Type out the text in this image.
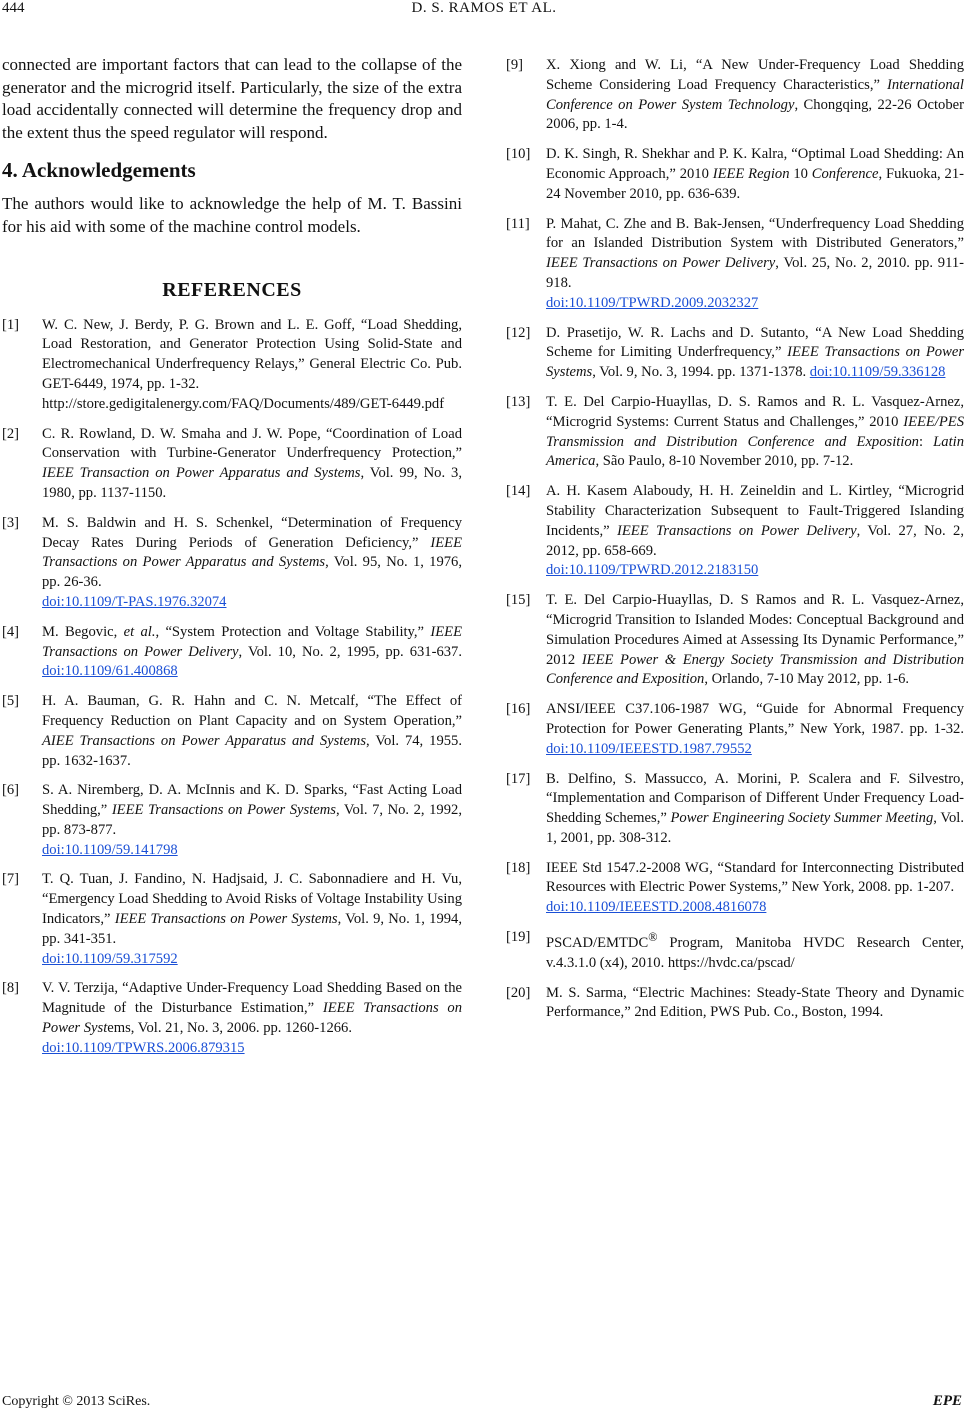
444	D. S. RAMOS ET AL.

connected are important factors that can lead to the collapse of the generator and the microgrid itself. Particularly, the size of the extra load accidentally connected will determine the frequency drop and the extent thus the speed regulator will respond.

4. Acknowledgements

The authors would like to acknowledge the help of M. T. Bassini for his aid with some of the machine control models.

REFERENCES
[1]	W. C. New, J. Berdy, P. G. Brown and L. E. Goff, “Load Shedding, Load Restoration, and Generator Protection Using Solid-State and Electromechanical Underfrequency Relays,” General Electric Co. Pub. GET-6449, 1974, pp. 1-32.
http://store.gedigitalenergy.com/FAQ/Documents/489/GET-6449.pdf
[2]	C. R. Rowland, D. W. Smaha and J. W. Pope, “Coordination of Load Conservation with Turbine-Generator Underfrequency Protection,” IEEE Transaction on Power Apparatus and Systems, Vol. 99, No. 3, 1980, pp. 1137-1150.
[3]	M. S. Baldwin and H. S. Schenkel, “Determination of Frequency Decay Rates During Periods of Generation Deficiency,” IEEE Transactions on Power Apparatus and Systems, Vol. 95, No. 1, 1976, pp. 26-36.
doi:10.1109/T-PAS.1976.32074
[4]	M. Begovic, et al., “System Protection and Voltage Stability,” IEEE Transactions on Power Delivery, Vol. 10, No. 2, 1995, pp. 631-637. doi:10.1109/61.400868
[5]	H. A. Bauman, G. R. Hahn and C. N. Metcalf, “The Effect of Frequency Reduction on Plant Capacity and on System Operation,” AIEE Transactions on Power Apparatus and Systems, Vol. 74, 1955. pp. 1632-1637.
[6]	S. A. Niremberg, D. A. McInnis and K. D. Sparks, “Fast Acting Load Shedding,” IEEE Transactions on Power Systems, Vol. 7, No. 2, 1992, pp. 873-877.
doi:10.1109/59.141798
[7]	T. Q. Tuan, J. Fandino, N. Hadjsaid, J. C. Sabonnadiere and H. Vu, “Emergency Load Shedding to Avoid Risks of Voltage Instability Using Indicators,” IEEE Transactions on Power Systems, Vol. 9, No. 1, 1994, pp. 341-351.
doi:10.1109/59.317592
[8]	V. V. Terzija, “Adaptive Under-Frequency Load Shedding Based on the Magnitude of the Disturbance Estimation,” IEEE Transactions on Power Systems, Vol. 21, No. 3, 2006. pp. 1260-1266.
doi:10.1109/TPWRS.2006.879315
[9]	X. Xiong and W. Li, “A New Under-Frequency Load Shedding Scheme Considering Load Frequency Characteristics,” International Conference on Power System Technology, Chongqing, 22-26 October 2006, pp. 1-4.
[10]	D. K. Singh, R. Shekhar and P. K. Kalra, “Optimal Load Shedding: An Economic Approach,” 2010 IEEE Region 10 Conference, Fukuoka, 21-24 November 2010, pp. 636-639.
[11]	P. Mahat, C. Zhe and B. Bak-Jensen, “Underfrequency Load Shedding for an Islanded Distribution System with Distributed Generators,” IEEE Transactions on Power Delivery, Vol. 25, No. 2, 2010. pp. 911-918.
doi:10.1109/TPWRD.2009.2032327
[12]	D. Prasetijo, W. R. Lachs and D. Sutanto, “A New Load Shedding Scheme for Limiting Underfrequency,” IEEE Transactions on Power Systems, Vol. 9, No. 3, 1994. pp. 1371-1378. doi:10.1109/59.336128
[13]	T. E. Del Carpio-Huayllas, D. S. Ramos and R. L. Vasquez-Arnez, “Microgrid Systems: Current Status and Challenges,” 2010 IEEE/PES Transmission and Distribution Conference and Exposition: Latin America, São Paulo, 8-10 November 2010, pp. 7-12.
[14]	A. H. Kasem Alaboudy, H. H. Zeineldin and L. Kirtley, “Microgrid Stability Characterization Subsequent to Fault-Triggered Islanding Incidents,” IEEE Transactions on Power Delivery, Vol. 27, No. 2, 2012, pp. 658-669.
doi:10.1109/TPWRD.2012.2183150
[15]	T. E. Del Carpio-Huayllas, D. S Ramos and R. L. Vasquez-Arnez, “Microgrid Transition to Islanded Modes: Conceptual Background and Simulation Procedures Aimed at Assessing Its Dynamic Performance,” 2012 IEEE Power & Energy Society Transmission and Distribution Conference and Exposition, Orlando, 7-10 May 2012, pp. 1-6.
[16]	ANSI/IEEE C37.106-1987 WG, “Guide for Abnormal Frequency Protection for Power Generating Plants,” New York, 1987. pp. 1-32. doi:10.1109/IEEESTD.1987.79552
[17]	B. Delfino, S. Massucco, A. Morini, P. Scalera and F. Silvestro, “Implementation and Comparison of Different Under Frequency Load-Shedding Schemes,” Power Engineering Society Summer Meeting, Vol. 1, 2001, pp. 308-312.
[18]	IEEE Std 1547.2-2008 WG, “Standard for Interconnecting Distributed Resources with Electric Power Systems,” New York, 2008. pp. 1-207.
doi:10.1109/IEEESTD.2008.4816078
[19]	PSCAD/EMTDC® Program, Manitoba HVDC Research Center, v.4.3.1.0 (x4), 2010. https://hvdc.ca/pscad/
[20]	M. S. Sarma, “Electric Machines: Steady-State Theory and Dynamic Performance,” 2nd Edition, PWS Pub. Co., Boston, 1994.
Copyright © 2013 SciRes.	EPE
